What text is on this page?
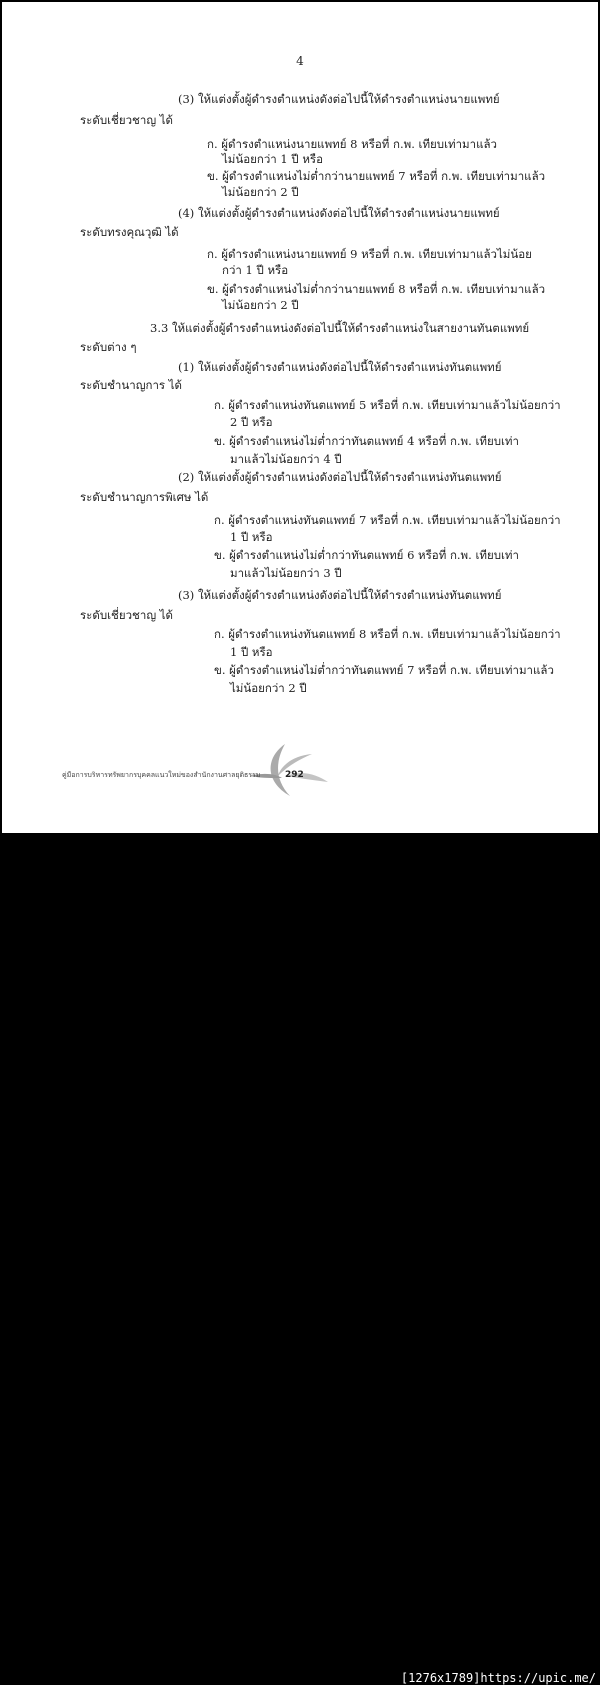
4
(3) ให้แต่งตั้งผู้ดำรงตำแหน่งดังต่อไปนี้ให้ดำรงตำแหน่งนายแพทย์
ระดับเชี่ยวชาญ ได้
ก. ผู้ดำรงตำแหน่งนายแพทย์ 8 หรือที่ ก.พ. เทียบเท่ามาแล้ว
ไม่น้อยกว่า 1 ปี หรือ
ข. ผู้ดำรงตำแหน่งไม่ต่ำกว่านายแพทย์ 7 หรือที่ ก.พ. เทียบเท่ามาแล้ว
ไม่น้อยกว่า 2 ปี
(4) ให้แต่งตั้งผู้ดำรงตำแหน่งดังต่อไปนี้ให้ดำรงตำแหน่งนายแพทย์
ระดับทรงคุณวุฒิ ได้
ก. ผู้ดำรงตำแหน่งนายแพทย์ 9 หรือที่ ก.พ. เทียบเท่ามาแล้วไม่น้อย
กว่า 1 ปี หรือ
ข. ผู้ดำรงตำแหน่งไม่ต่ำกว่านายแพทย์ 8 หรือที่ ก.พ. เทียบเท่ามาแล้ว
ไม่น้อยกว่า 2 ปี
3.3 ให้แต่งตั้งผู้ดำรงตำแหน่งดังต่อไปนี้ให้ดำรงตำแหน่งในสายงานทันตแพทย์
ระดับต่าง ๆ
(1) ให้แต่งตั้งผู้ดำรงตำแหน่งดังต่อไปนี้ให้ดำรงตำแหน่งทันตแพทย์
ระดับชำนาญการ ได้
ก. ผู้ดำรงตำแหน่งทันตแพทย์ 5 หรือที่ ก.พ. เทียบเท่ามาแล้วไม่น้อยกว่า
2 ปี หรือ
ข. ผู้ดำรงตำแหน่งไม่ต่ำกว่าทันตแพทย์ 4 หรือที่ ก.พ. เทียบเท่า
มาแล้วไม่น้อยกว่า 4 ปี
(2) ให้แต่งตั้งผู้ดำรงตำแหน่งดังต่อไปนี้ให้ดำรงตำแหน่งทันตแพทย์
ระดับชำนาญการพิเศษ ได้
ก. ผู้ดำรงตำแหน่งทันตแพทย์ 7 หรือที่ ก.พ. เทียบเท่ามาแล้วไม่น้อยกว่า
1 ปี หรือ
ข. ผู้ดำรงตำแหน่งไม่ต่ำกว่าทันตแพทย์ 6 หรือที่ ก.พ. เทียบเท่า
มาแล้วไม่น้อยกว่า 3 ปี
(3) ให้แต่งตั้งผู้ดำรงตำแหน่งดังต่อไปนี้ให้ดำรงตำแหน่งทันตแพทย์
ระดับเชี่ยวชาญ ได้
ก. ผู้ดำรงตำแหน่งทันตแพทย์ 8 หรือที่ ก.พ. เทียบเท่ามาแล้วไม่น้อยกว่า
1 ปี หรือ
ข. ผู้ดำรงตำแหน่งไม่ต่ำกว่าทันตแพทย์ 7 หรือที่ ก.พ. เทียบเท่ามาแล้ว
ไม่น้อยกว่า 2 ปี
คู่มือการบริหารทรัพยากรบุคคลแนวใหม่ของสำนักงานศาลยุติธรรม	292
[1276x1789]https://upic.me/
